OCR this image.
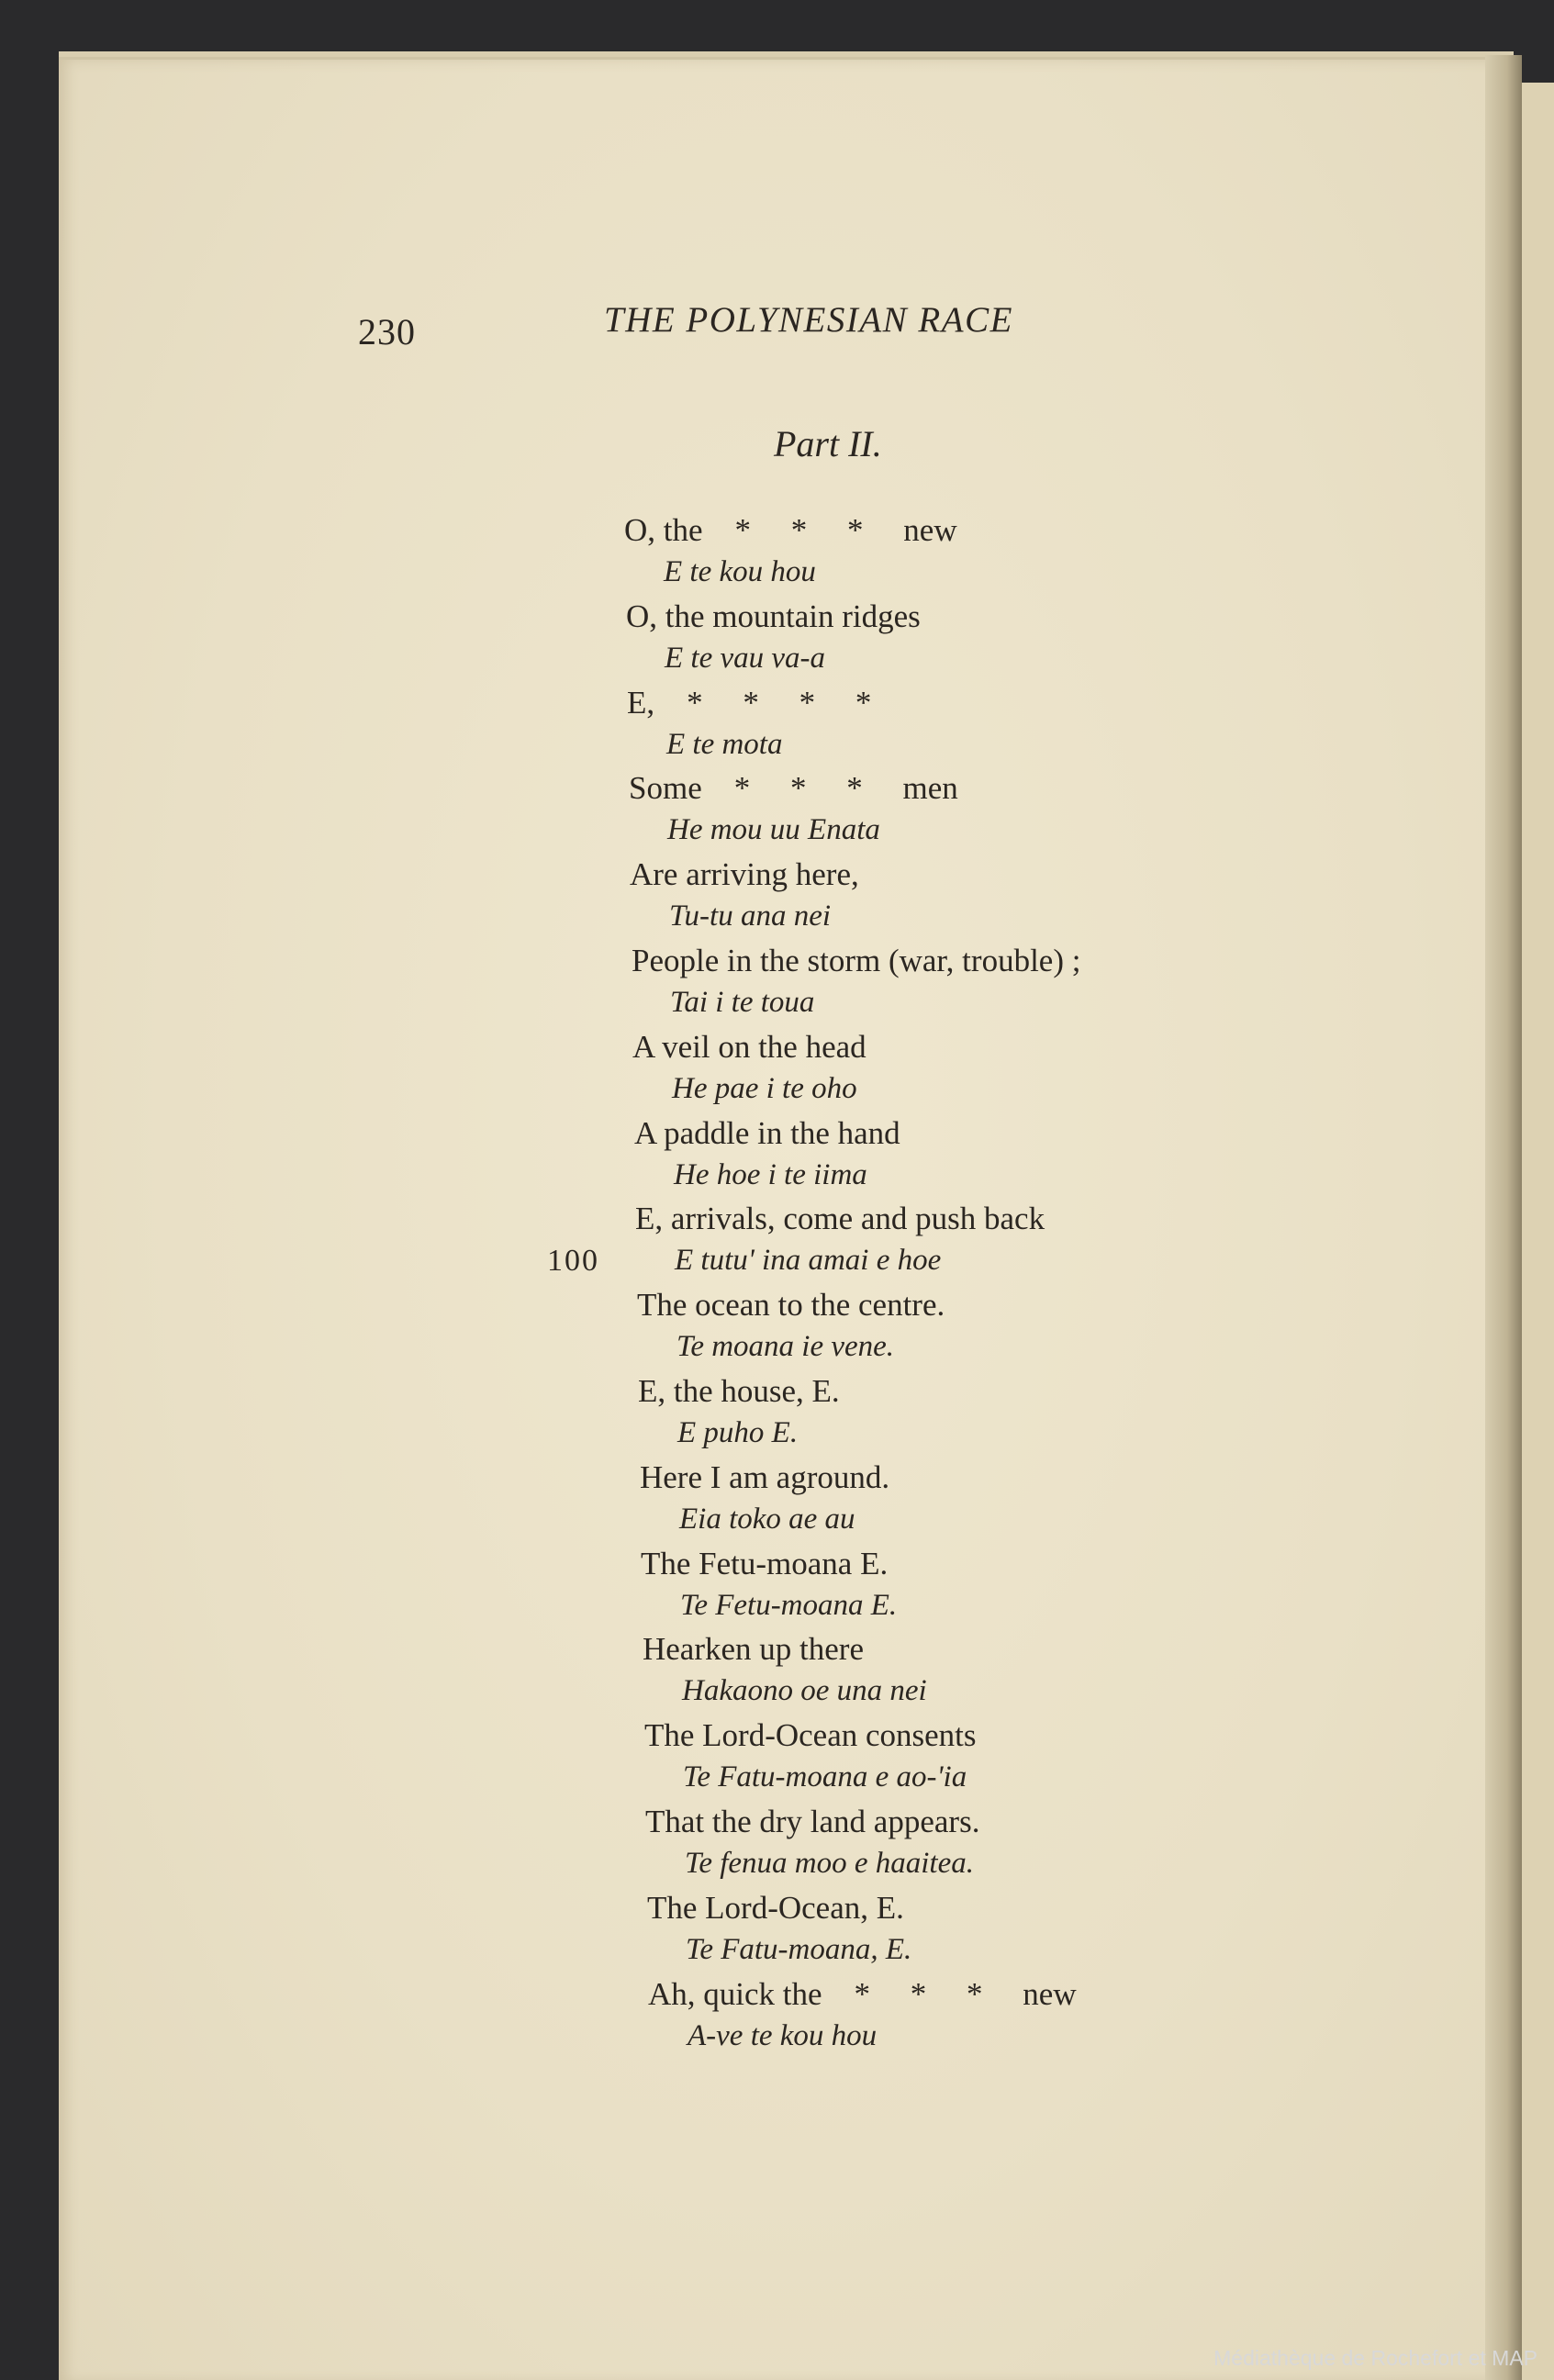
230	THE POLYNESIAN RACE
Part II.
100
O, the    *     *     *     new
E te kou hou
O, the mountain ridges
E te vau va-a
E,    *     *     *     *
E te mota
Some    *     *     *     men
He mou uu Enata
Are arriving here,
Tu-tu ana nei
People in the storm (war, trouble) ;
Tai i te toua
A veil on the head
He pae i te oho
A paddle in the hand
He hoe i te iima
E, arrivals, come and push back
E tutu' ina amai e hoe
The ocean to the centre.
Te moana ie vene.
E, the house, E.
E puho E.
Here I am aground.
Eia toko ae au
The Fetu-moana E.
Te Fetu-moana E.
Hearken up there
Hakaono oe una nei
The Lord-Ocean consents
Te Fatu-moana e ao-'ia
That the dry land appears.
Te fenua moo e haaitea.
The Lord-Ocean, E.
Te Fatu-moana, E.
Ah, quick the    *     *     *     new
A-ve te kou hou
Médiathèque de Rochefort et MAP
